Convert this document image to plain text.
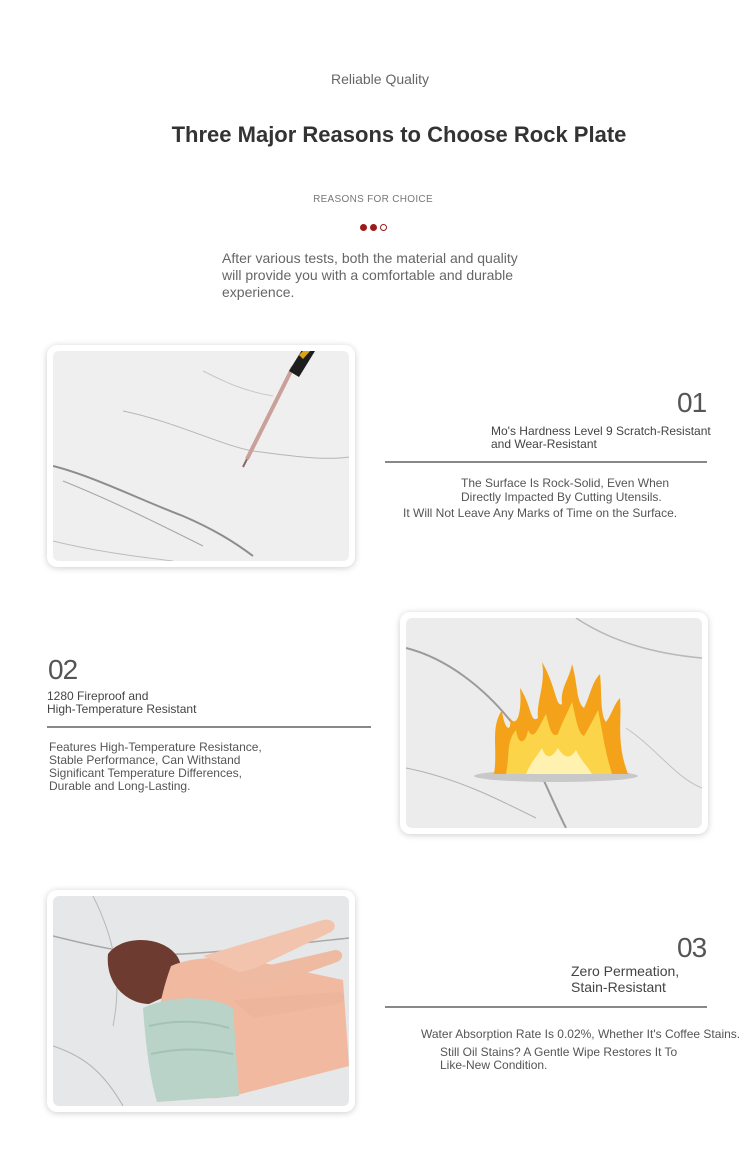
Reliable Quality
Three Major Reasons to Choose Rock Plate
REASONS FOR CHOICE
After various tests, both the material and quality will provide you with a comfortable and durable experience.
01
Mo's Hardness Level 9 Scratch-Resistant
and Wear-Resistant
The Surface Is Rock-Solid, Even When
Directly Impacted By Cutting Utensils.
It Will Not Leave Any Marks of Time on the Surface.
02
1280 Fireproof and
High-Temperature Resistant
Features High-Temperature Resistance,
Stable Performance, Can Withstand
Significant Temperature Differences,
Durable and Long-Lasting.
03
Zero Permeation,
Stain-Resistant
Water Absorption Rate Is 0.02%, Whether It's Coffee Stains.
Still Oil Stains? A Gentle Wipe Restores It To
Like-New Condition.
